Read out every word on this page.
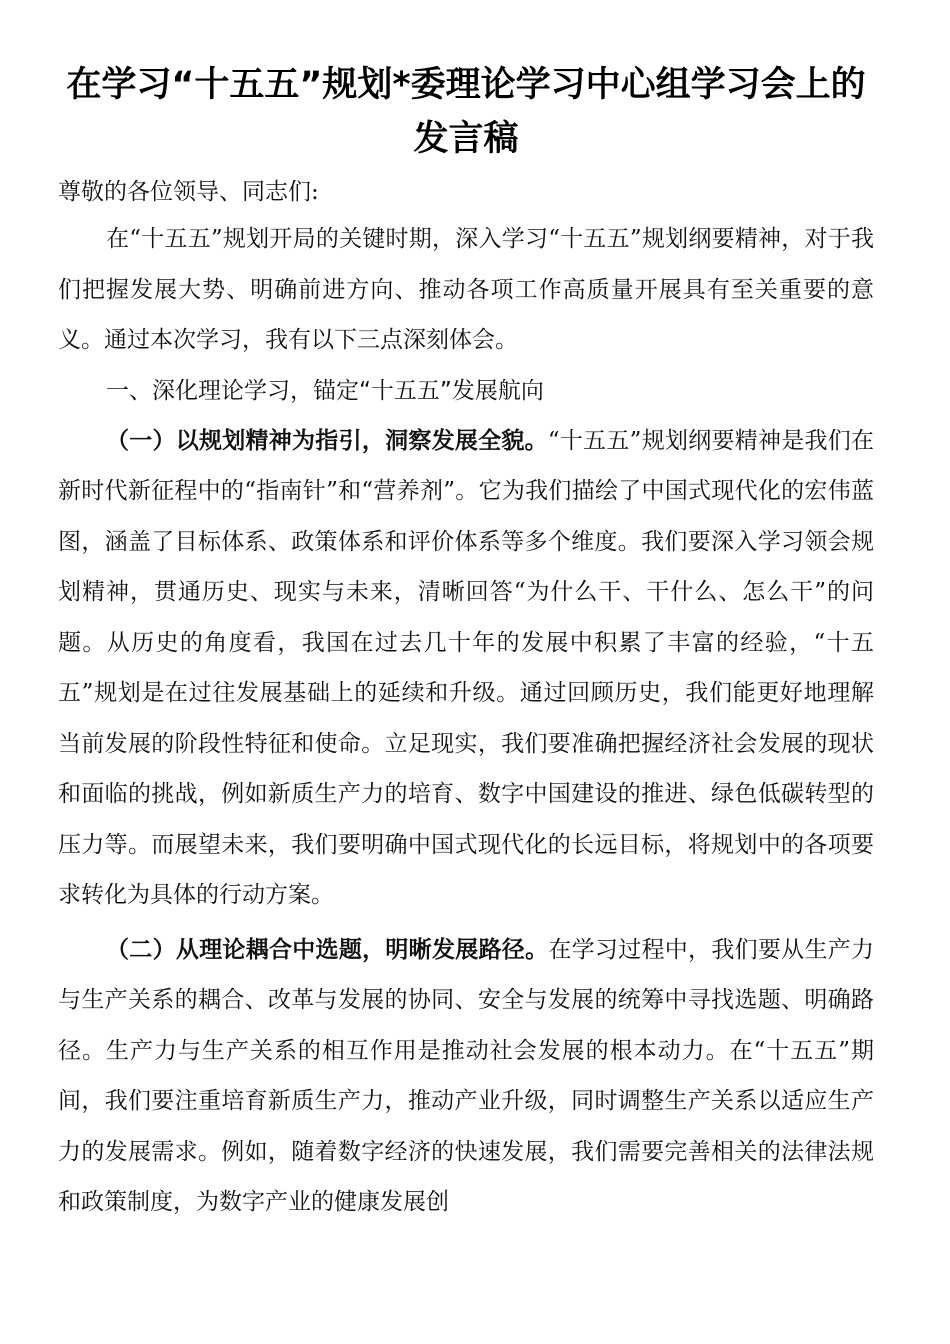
在学习“十五五”规划*委理论学习中心组学习会上的发言稿

尊敬的各位领导、同志们:

在“十五五”规划开局的关键时期，深入学习“十五五”规划纲要精神，对于我们把握发展大势、明确前进方向、推动各项工作高质量开展具有至关重要的意义。通过本次学习，我有以下三点深刻体会。

一、深化理论学习，锚定“十五五”发展航向

（一）以规划精神为指引，洞察发展全貌。“十五五”规划纲要精神是我们在新时代新征程中的“指南针”和“营养剂”。它为我们描绘了中国式现代化的宏伟蓝图，涵盖了目标体系、政策体系和评价体系等多个维度。我们要深入学习领会规划精神，贯通历史、现实与未来，清晰回答“为什么干、干什么、怎么干”的问题。从历史的角度看，我国在过去几十年的发展中积累了丰富的经验，“十五五”规划是在过往发展基础上的延续和升级。通过回顾历史，我们能更好地理解当前发展的阶段性特征和使命。立足现实，我们要准确把握经济社会发展的现状和面临的挑战，例如新质生产力的培育、数字中国建设的推进、绿色低碳转型的压力等。而展望未来，我们要明确中国式现代化的长远目标，将规划中的各项要求转化为具体的行动方案。

（二）从理论耦合中选题，明晰发展路径。在学习过程中，我们要从生产力与生产关系的耦合、改革与发展的协同、安全与发展的统筹中寻找选题、明确路径。生产力与生产关系的相互作用是推动社会发展的根本动力。在“十五五”期间，我们要注重培育新质生产力，推动产业升级，同时调整生产关系以适应生产力的发展需求。例如，随着数字经济的快速发展，我们需要完善相关的法律法规和政策制度，为数字产业的健康发展创
